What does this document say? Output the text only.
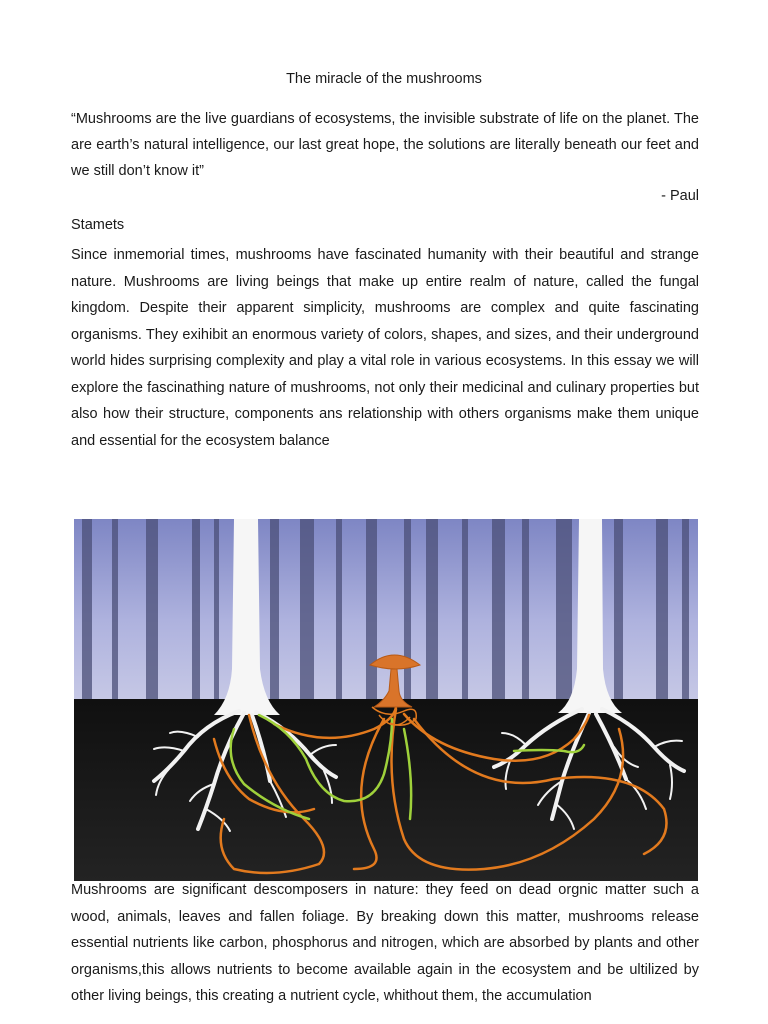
The miracle of the mushrooms

“Mushrooms are the live guardians of ecosystems, the invisible substrate of life on the planet. The are earth’s natural intelligence, our last great hope, the solutions are literally beneath our feet and we still don’t know it”

- Paul

Stamets

Since inmemorial times, mushrooms have fascinated humanity with their beautiful and strange nature. Mushrooms are living beings that make up entire realm of nature, called the fungal kingdom. Despite their apparent simplicity, mushrooms are complex and quite fascinating organisms. They exihibit an enormous variety of colors, shapes, and sizes, and their underground world hides surprising complexity and play a vital role in various ecosystems. In this essay we will explore the fascinathing nature of mushrooms, not only their medicinal and culinary properties but also how their structure, components ans relationship with others organisms make them unique and essential for the ecosystem balance

Mushrooms are significant descomposers in nature: they feed on dead orgnic matter such a wood, animals, leaves and fallen foliage. By breaking down this matter, mushrooms release essential nutrients like carbon, phosphorus and nitrogen, which are absorbed by plants and other organisms,this allows nutrients to become available again in the ecosystem and be ultilized by other living beings, this creating a nutrient cycle, whithout them, the accumulation
